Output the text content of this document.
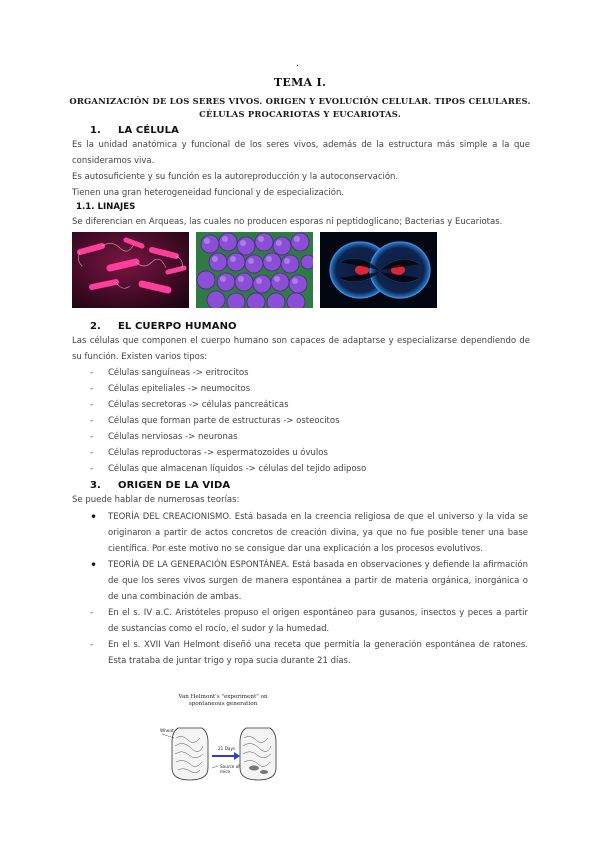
.
TEMA I.
ORGANIZACIÓN DE LOS SERES VIVOS. ORIGEN Y EVOLUCIÓN CELULAR. TIPOS CELULARES.
CÉLULAS PROCARIOTAS Y EUCARIOTAS.
1. LA CÉLULA
Es la unidad anatómica y funcional de los seres vivos, además de la estructura más simple a la que consideramos viva.
Es autosuficiente y su función es la autoreproducción y la autoconservación.
Tienen una gran heterogeneidad funcional y de especialización.
1.1. LINAJES
Se diferencian en Arqueas, las cuales no producen esporas ni peptidoglicano; Bacterias y Eucariotas.
2. EL CUERPO HUMANO
Las células que componen el cuerpo humano son capaces de adaptarse y especializarse dependiendo de su función. Existen varios tipos:
- Células sanguíneas -> eritrocitos
- Células epiteliales -> neumocitos
- Células secretoras -> células pancreáticas
- Células que forman parte de estructuras -> osteocitos
- Células nerviosas -> neuronas
- Células reproductoras -> espermatozoides u óvulos
- Células que almacenan líquidos -> células del tejido adiposo
3. ORIGEN DE LA VIDA
Se puede hablar de numerosas teorías:
• TEORÍA DEL CREACIONISMO. Está basada en la creencia religiosa de que el universo y la vida se originaron a partir de actos concretos de creación divina, ya que no fue posible tener una base científica. Por este motivo no se consigue dar una explicación a los procesos evolutivos.
• TEORÍA DE LA GENERACIÓN ESPONTÁNEA. Está basada en observaciones y defiende la afirmación de que los seres vivos surgen de manera espontánea a partir de materia orgánica, inorgánica o de una combinación de ambas.
- En el s. IV a.C. Aristóteles propuso el origen espontáneo para gusanos, insectos y peces a partir de sustancias como el rocío, el sudor y la humedad.
- En el s. XVII Van Helmont diseñó una receta que permitía la generación espontánea de ratones. Esta trataba de juntar trigo y ropa sucia durante 21 días.
Van Helmont's "experiment" on
spontaneous generation
Wheat
21 Days
Source of
mice
